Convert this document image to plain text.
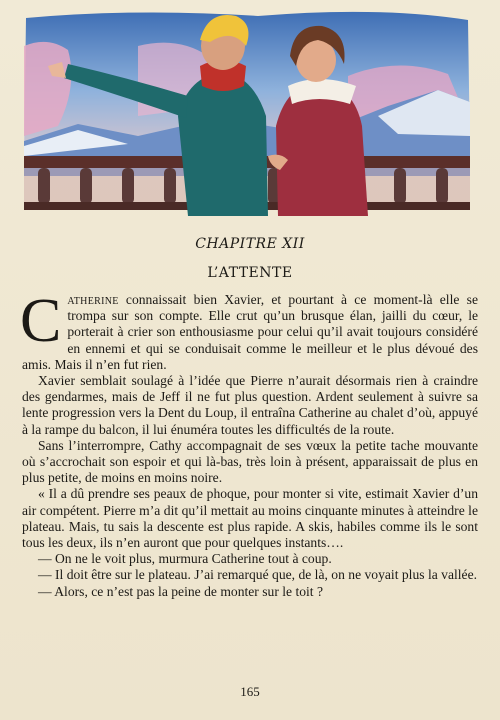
CHAPITRE XII
L’ATTENTE

Catherine connaissait bien Xavier, et pourtant à ce moment-là elle se trompa sur son compte. Elle crut qu’un brusque élan, jailli du cœur, le porterait à crier son enthousiasme pour celui qu’il avait toujours considéré en ennemi et qui se conduisait comme le meilleur et le plus dévoué des amis. Mais il n’en fut rien.

Xavier semblait soulagé à l’idée que Pierre n’aurait désormais rien à craindre des gendarmes, mais de Jeff il ne fut plus question. Ardent seulement à suivre sa lente progression vers la Dent du Loup, il entraîna Catherine au chalet d’où, appuyé à la rampe du balcon, il lui énuméra toutes les difficultés de la route.

Sans l’interrompre, Cathy accompagnait de ses vœux la petite tache mouvante où s’accrochait son espoir et qui là-bas, très loin à présent, apparaissait de plus en plus petite, de moins en moins noire.

« Il a dû prendre ses peaux de phoque, pour monter si vite, estimait Xavier d’un air compétent. Pierre m’a dit qu’il mettait au moins cinquante minutes à atteindre le plateau. Mais, tu sais la descente est plus rapide. A skis, habiles comme ils le sont tous les deux, ils n’en auront que pour quelques instants….

— On ne le voit plus, murmura Catherine tout à coup.

— Il doit être sur le plateau. J’ai remarqué que, de là, on ne voyait plus la vallée.

— Alors, ce n’est pas la peine de monter sur le toit ?

165
